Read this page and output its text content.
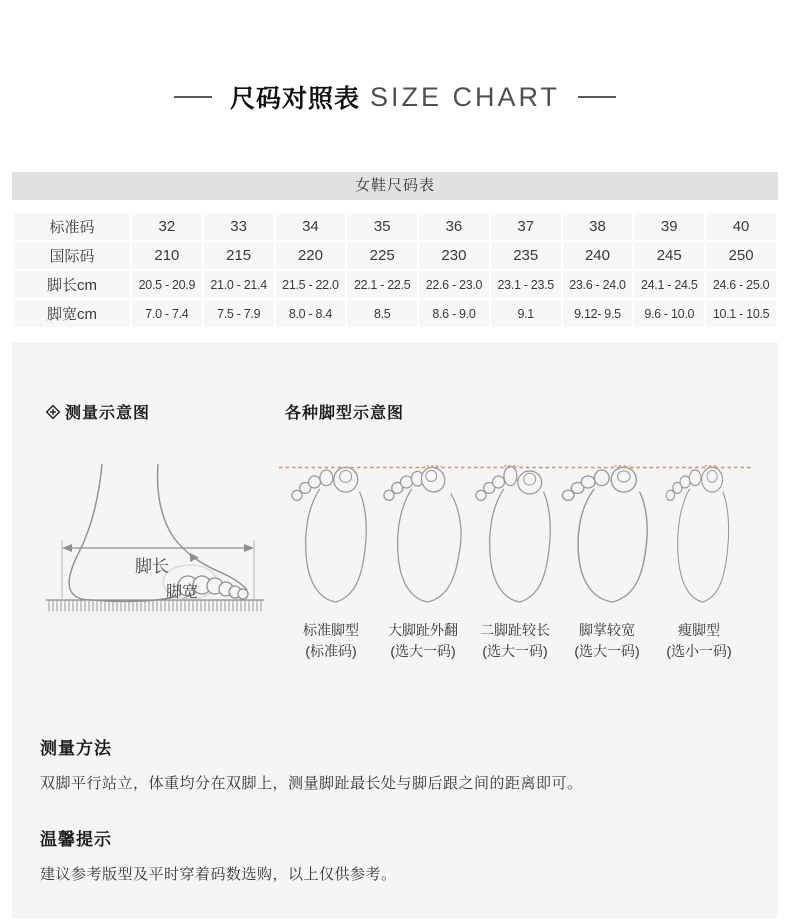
尺码对照表 SIZE CHART
女鞋尺码表
标准码	32	33	34	35	36	37	38	39	40
国际码	210	215	220	225	230	235	240	245	250
脚长cm	20.5 - 20.9	21.0 - 21.4	21.5 - 22.0	22.1 - 22.5	22.6 - 23.0	23.1 - 23.5	23.6 - 24.0	24.1 - 24.5	24.6 - 25.0
脚宽cm	7.0 - 7.4	7.5 - 7.9	8.0 - 8.4	8.5	8.6 - 9.0	9.1	9.12- 9.5	9.6 - 10.0	10.1 - 10.5
测量示意图	各种脚型示意图
脚长
脚宽
标准脚型
(标准码)
大脚趾外翻
(选大一码)
二脚趾较长
(选大一码)
脚掌较宽
(选大一码)
瘦脚型
(选小一码)
测量方法

双脚平行站立，体重均分在双脚上，测量脚趾最长处与脚后跟之间的距离即可。

温馨提示

建议参考版型及平时穿着码数选购，以上仅供参考。
